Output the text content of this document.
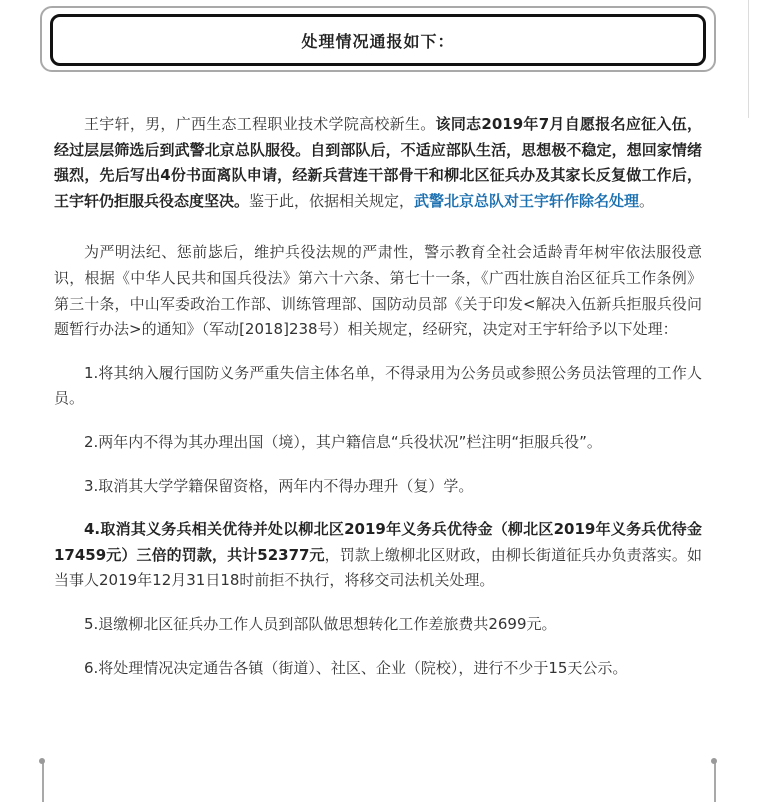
处理情况通报如下：

王宇轩，男，广西生态工程职业技术学院高校新生。该同志2019年7月自愿报名应征入伍，经过层层筛选后到武警北京总队服役。自到部队后，不适应部队生活，思想极不稳定，想回家情绪强烈，先后写出4份书面离队申请，经新兵营连干部骨干和柳北区征兵办及其家长反复做工作后，王宇轩仍拒服兵役态度坚决。鉴于此，依据相关规定，武警北京总队对王宇轩作除名处理。

为严明法纪、惩前毖后，维护兵役法规的严肃性，警示教育全社会适龄青年树牢依法服役意识，根据《中华人民共和国兵役法》第六十六条、第七十一条，《广西壮族自治区征兵工作条例》第三十条，中山军委政治工作部、训练管理部、国防动员部《关于印发<解决入伍新兵拒服兵役问题暂行办法>的通知》（军动[2018]238号）相关规定，经研究，决定对王宇轩给予以下处理：

1.将其纳入履行国防义务严重失信主体名单，不得录用为公务员或参照公务员法管理的工作人员。

2.两年内不得为其办理出国（境），其户籍信息“兵役状况”栏注明“拒服兵役”。

3.取消其大学学籍保留资格，两年内不得办理升（复）学。

4.取消其义务兵相关优待并处以柳北区2019年义务兵优待金（柳北区2019年义务兵优待金17459元）三倍的罚款，共计52377元，罚款上缴柳北区财政，由柳长街道征兵办负责落实。如当事人2019年12月31日18时前拒不执行，将移交司法机关处理。

5.退缴柳北区征兵办工作人员到部队做思想转化工作差旅费共2699元。

6.将处理情况决定通告各镇（街道）、社区、企业（院校），进行不少于15天公示。
